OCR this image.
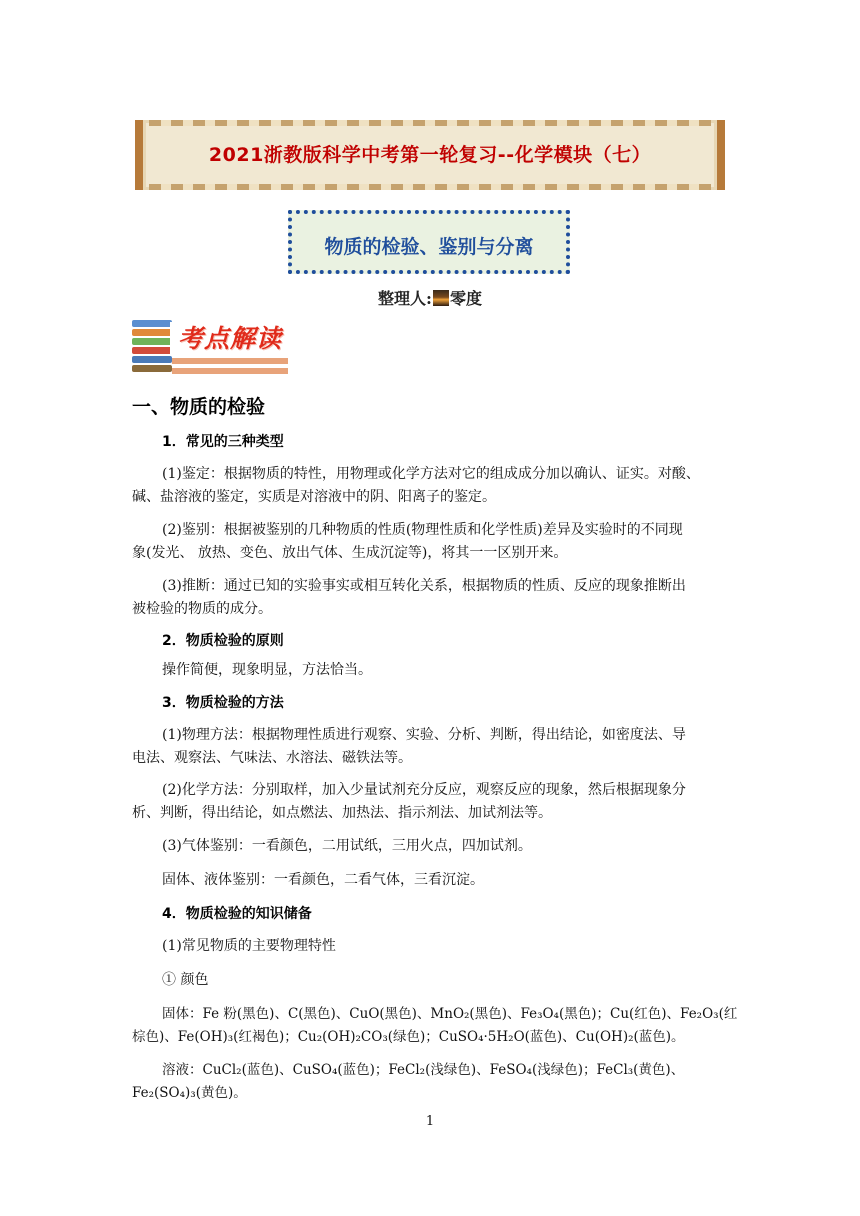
2021浙教版科学中考第一轮复习--化学模块（七）
物质的检验、鉴别与分离
整理人: 零度
考点解读
一、物质的检验
1．常见的三种类型
(1)鉴定：根据物质的特性，用物理或化学方法对它的组成成分加以确认、证实。对酸、
碱、盐溶液的鉴定，实质是对溶液中的阴、阳离子的鉴定。
(2)鉴别：根据被鉴别的几种物质的性质(物理性质和化学性质)差异及实验时的不同现
象(发光、 放热、变色、放出气体、生成沉淀等)，将其一一区别开来。
(3)推断：通过已知的实验事实或相互转化关系，根据物质的性质、反应的现象推断出
被检验的物质的成分。
2．物质检验的原则
操作简便，现象明显，方法恰当。
3．物质检验的方法
(1)物理方法：根据物理性质进行观察、实验、分析、判断，得出结论，如密度法、导
电法、观察法、气味法、水溶法、磁铁法等。
(2)化学方法：分别取样，加入少量试剂充分反应，观察反应的现象，然后根据现象分
析、判断，得出结论，如点燃法、加热法、指示剂法、加试剂法等。
(3)气体鉴别：一看颜色，二用试纸，三用火点，四加试剂。
固体、液体鉴别：一看颜色，二看气体，三看沉淀。
4．物质检验的知识储备
(1)常见物质的主要物理特性
① 颜色
固体：Fe 粉(黑色)、C(黑色)、CuO(黑色)、MnO₂(黑色)、Fe₃O₄(黑色)；Cu(红色)、Fe₂O₃(红
棕色)、Fe(OH)₃(红褐色)；Cu₂(OH)₂CO₃(绿色)；CuSO₄·5H₂O(蓝色)、Cu(OH)₂(蓝色)。
溶液：CuCl₂(蓝色)、CuSO₄(蓝色)；FeCl₂(浅绿色)、FeSO₄(浅绿色)；FeCl₃(黄色)、
Fe₂(SO₄)₃(黄色)。
1
